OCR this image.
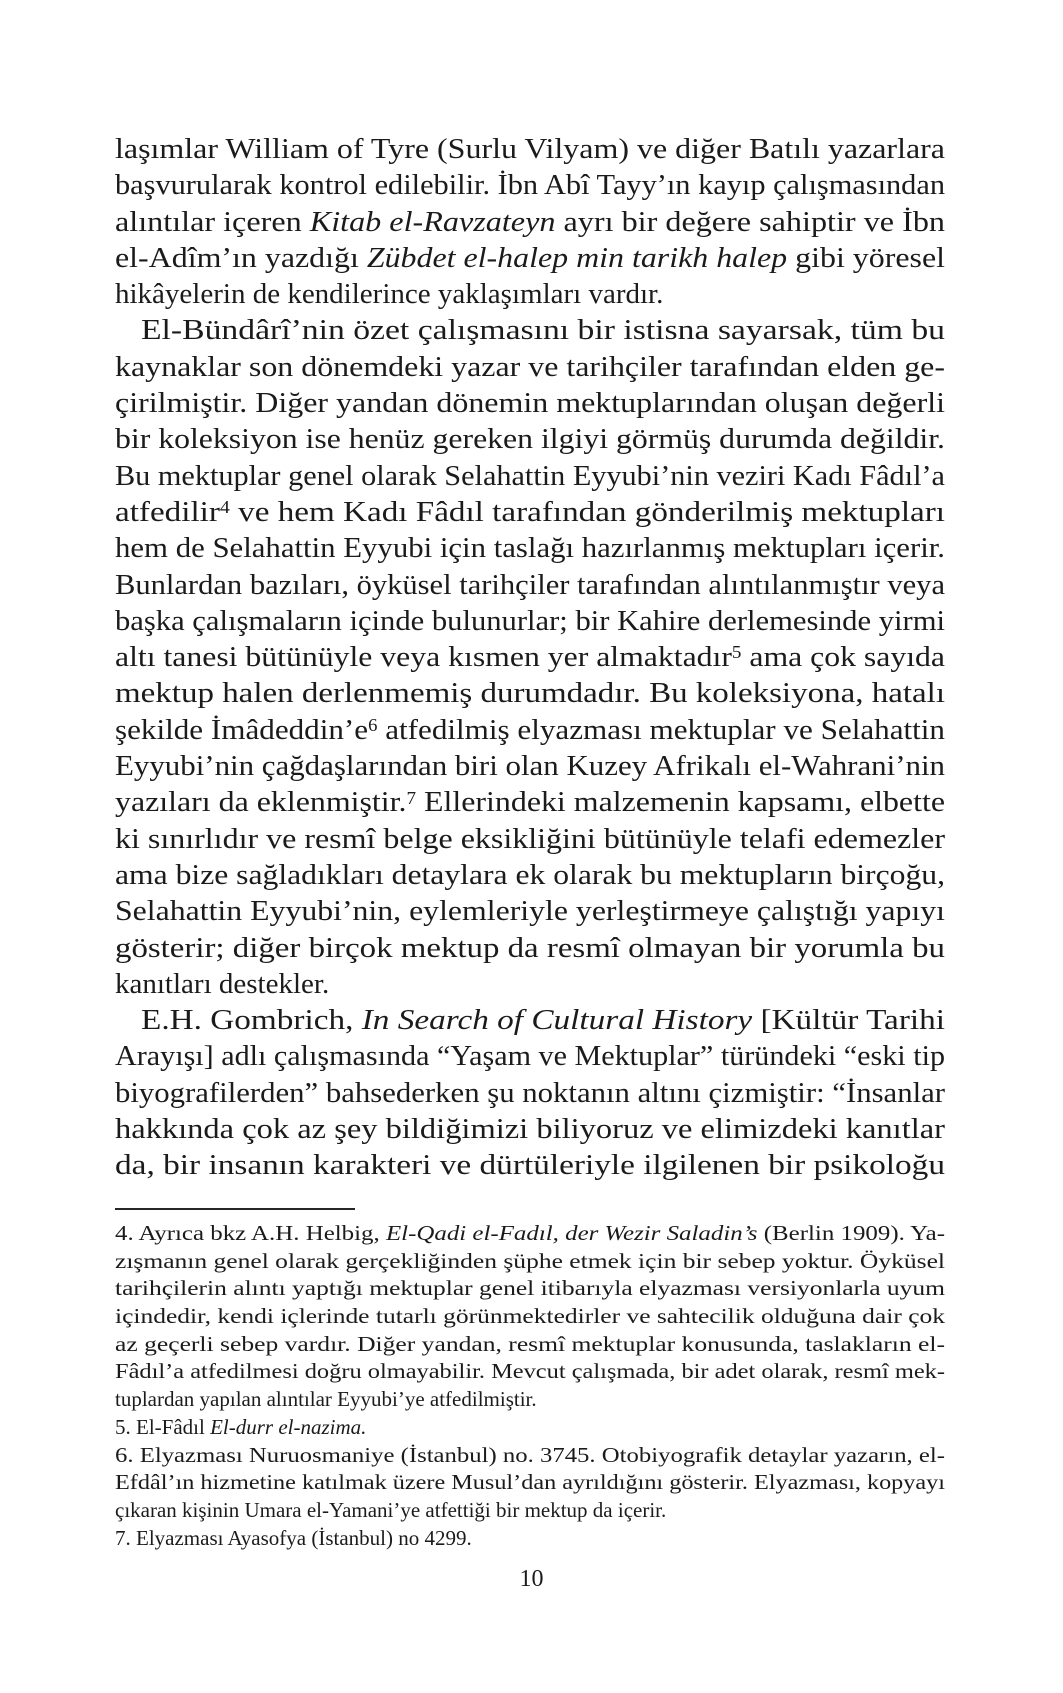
laşımlar William of Tyre (Surlu Vilyam) ve diğer Batılı yazarlara
başvurularak kontrol edilebilir. İbn Abî Tayy’ın kayıp çalışmasından
alıntılar içeren Kitab el-Ravzateyn ayrı bir değere sahiptir ve İbn
el-Adîm’ın yazdığı Zübdet el-halep min tarikh halep gibi yöresel
hikâyelerin de kendilerince yaklaşımları vardır.
El-Bündârî’nin özet çalışmasını bir istisna sayarsak, tüm bu
kaynaklar son dönemdeki yazar ve tarihçiler tarafından elden ge-
çirilmiştir. Diğer yandan dönemin mektuplarından oluşan değerli
bir koleksiyon ise henüz gereken ilgiyi görmüş durumda değildir.
Bu mektuplar genel olarak Selahattin Eyyubi’nin veziri Kadı Fâdıl’a
atfedilir$^4$ ve hem Kadı Fâdıl tarafından gönderilmiş mektupları
hem de Selahattin Eyyubi için taslağı hazırlanmış mektupları içerir.
Bunlardan bazıları, öyküsel tarihçiler tarafından alıntılanmıştır veya
başka çalışmaların içinde bulunurlar; bir Kahire derlemesinde yirmi
altı tanesi bütünüyle veya kısmen yer almaktadır$^5$ ama çok sayıda
mektup halen derlenmemiş durumdadır. Bu koleksiyona, hatalı
şekilde İmâdeddin’e$^6$ atfedilmiş elyazması mektuplar ve Selahattin
Eyyubi’nin çağdaşlarından biri olan Kuzey Afrikalı el-Wahrani’nin
yazıları da eklenmiştir.$^7$ Ellerindeki malzemenin kapsamı, elbette
ki sınırlıdır ve resmî belge eksikliğini bütünüyle telafi edemezler
ama bize sağladıkları detaylara ek olarak bu mektupların birçoğu,
Selahattin Eyyubi’nin, eylemleriyle yerleştirmeye çalıştığı yapıyı
gösterir; diğer birçok mektup da resmî olmayan bir yorumla bu
kanıtları destekler.
E.H. Gombrich, In Search of Cultural History [Kültür Tarihi
Arayışı] adlı çalışmasında “Yaşam ve Mektuplar” türündeki “eski tip
biyografilerden” bahsederken şu noktanın altını çizmiştir: “İnsanlar
hakkında çok az şey bildiğimizi biliyoruz ve elimizdeki kanıtlar
da, bir insanın karakteri ve dürtüleriyle ilgilenen bir psikoloğu
4. Ayrıca bkz A.H. Helbig, El-Qadi el-Fadıl, der Wezir Saladin’s (Berlin 1909). Ya-
zışmanın genel olarak gerçekliğinden şüphe etmek için bir sebep yoktur. Öyküsel
tarihçilerin alıntı yaptığı mektuplar genel itibarıyla elyazması versiyonlarla uyum
içindedir, kendi içlerinde tutarlı görünmektedirler ve sahtecilik olduğuna dair çok
az geçerli sebep vardır. Diğer yandan, resmî mektuplar konusunda, taslakların el-
Fâdıl’a atfedilmesi doğru olmayabilir. Mevcut çalışmada, bir adet olarak, resmî mek-
tuplardan yapılan alıntılar Eyyubi’ye atfedilmiştir.
5. El-Fâdıl El-durr el-nazima.
6. Elyazması Nuruosmaniye (İstanbul) no. 3745. Otobiyografik detaylar yazarın, el-
Efdâl’ın hizmetine katılmak üzere Musul’dan ayrıldığını gösterir. Elyazması, kopyayı
çıkaran kişinin Umara el-Yamani’ye atfettiği bir mektup da içerir.
7. Elyazması Ayasofya (İstanbul) no 4299.
10
